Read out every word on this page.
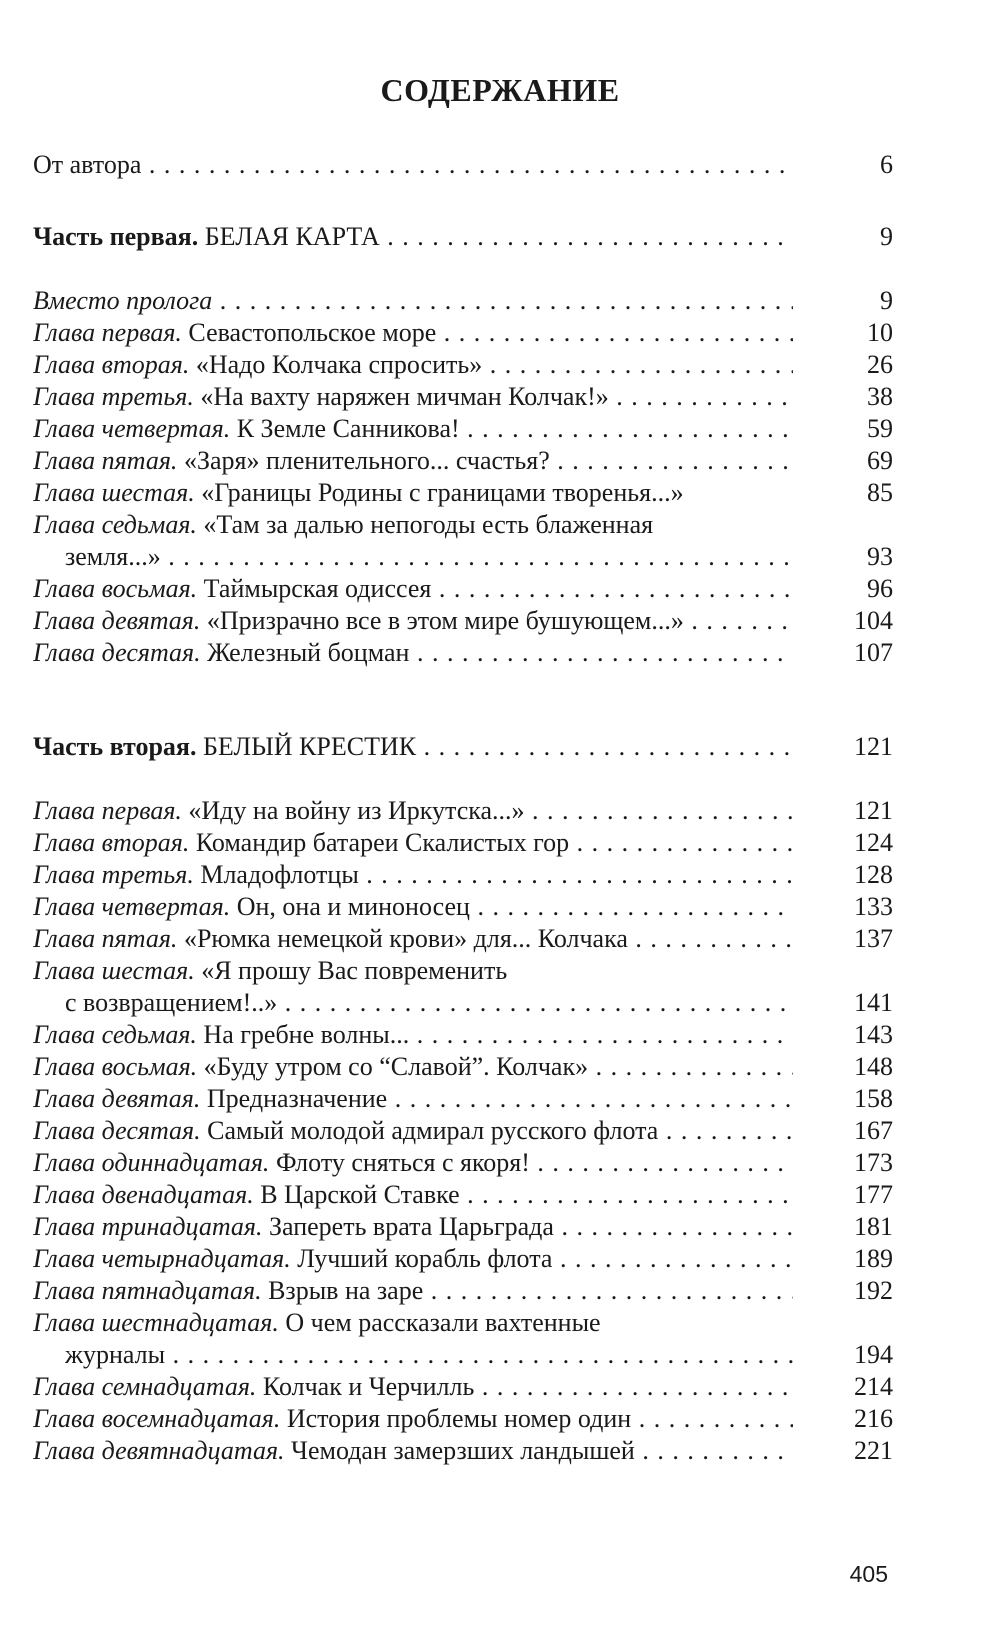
СОДЕРЖАНИЕ
От автора . . .	6
Часть первая. БЕЛАЯ КАРТА . . .	9
Вместо пролога . . .	9
Глава первая. Севастопольское море . . .	10
Глава вторая. «Надо Колчака спросить» . . .	26
Глава третья. «На вахту наряжен мичман Колчак!» . . .	38
Глава четвертая. К Земле Санникова! . . .	59
Глава пятая. «Заря» пленительного... счастья? . . .	69
Глава шестая. «Границы Родины с границами творенья...»	85
Глава седьмая. «Там за далью непогоды есть блаженная
земля...» . . .	93
Глава восьмая. Таймырская одиссея . . .	96
Глава девятая. «Призрачно все в этом мире бушующем...» . . .	104
Глава десятая. Железный боцман . . .	107
Часть вторая. БЕЛЫЙ КРЕСТИК . . .	121
Глава первая. «Иду на войну из Иркутска...» . . .	121
Глава вторая. Командир батареи Скалистых гор . . .	124
Глава третья. Младофлотцы . . .	128
Глава четвертая. Он, она и миноносец . . .	133
Глава пятая. «Рюмка немецкой крови» для... Колчака . . .	137
Глава шестая. «Я прошу Вас повременить
с возвращением!..» . . .	141
Глава седьмая. На гребне волны... . . .	143
Глава восьмая. «Буду утром со “Славой”. Колчак» . . .	148
Глава девятая. Предназначение . . .	158
Глава десятая. Самый молодой адмирал русского флота . . .	167
Глава одиннадцатая. Флоту сняться с якоря! . . .	173
Глава двенадцатая. В Царской Ставке . . .	177
Глава тринадцатая. Запереть врата Царьграда . . .	181
Глава четырнадцатая. Лучший корабль флота . . .	189
Глава пятнадцатая. Взрыв на заре . . .	192
Глава шестнадцатая. О чем рассказали вахтенные
журналы . . .	194
Глава семнадцатая. Колчак и Черчилль . . .	214
Глава восемнадцатая. История проблемы номер один . . .	216
Глава девятнадцатая. Чемодан замерзших ландышей . . .	221
405
